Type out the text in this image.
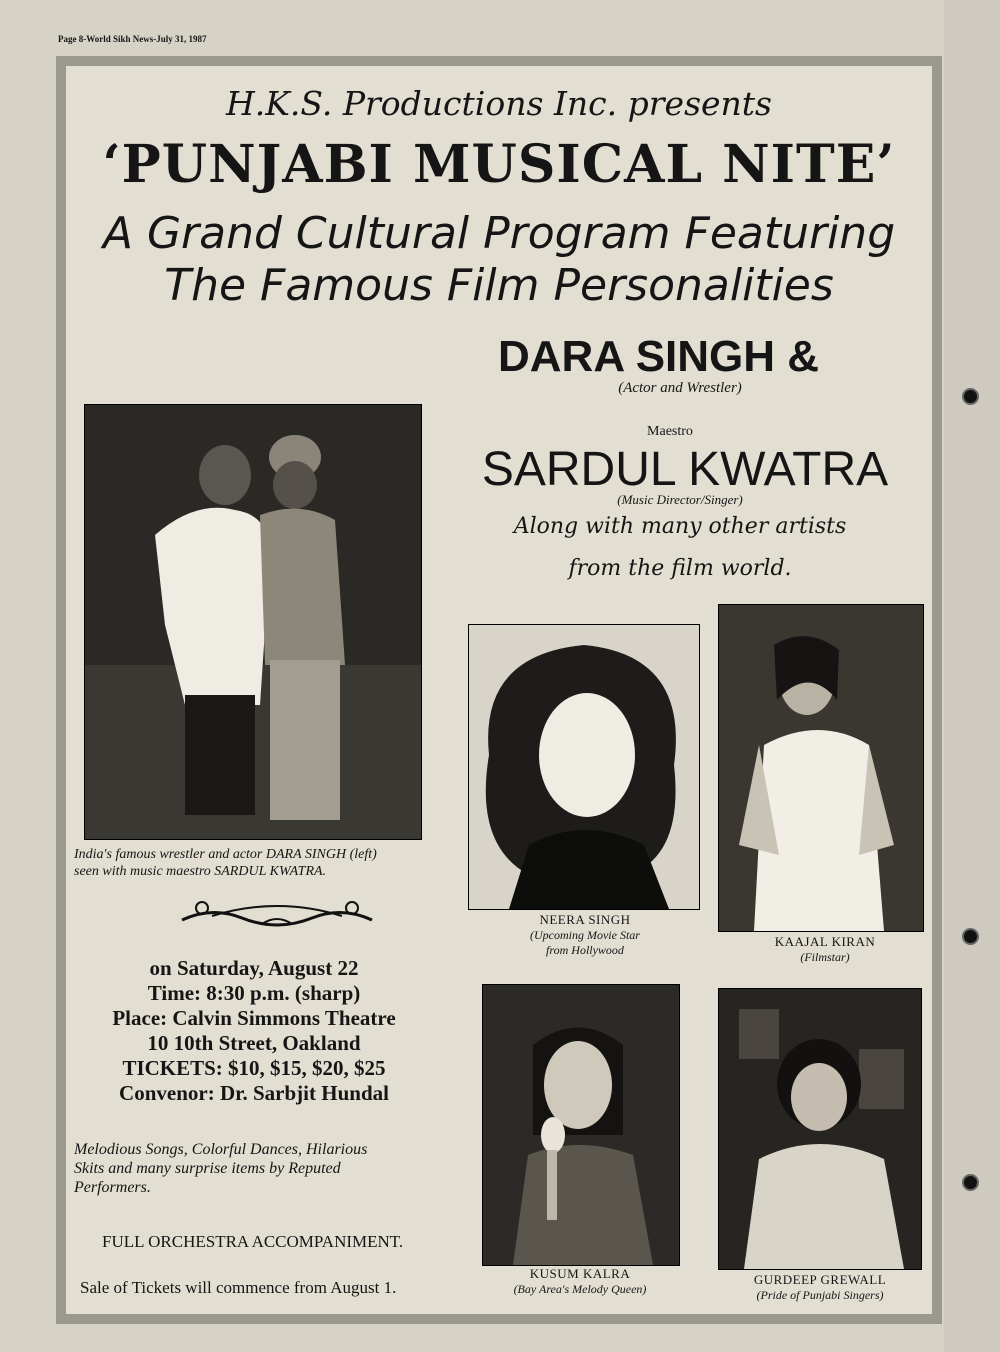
Page 8-World Sikh News-July 31, 1987
H.K.S. Productions Inc. presents
‘PUNJABI MUSICAL NITE’
A Grand Cultural Program Featuring
The Famous Film Personalities
DARA SINGH &
(Actor and Wrestler)
Maestro
SARDUL KWATRA
(Music Director/Singer)
Along with many other artists
from the film world.
India's famous wrestler and actor DARA SINGH (left)
seen with music maestro SARDUL KWATRA.
on Saturday, August 22
Time: 8:30 p.m. (sharp)
Place: Calvin Simmons Theatre
10 10th Street, Oakland
TICKETS: $10, $15, $20, $25
Convenor: Dr. Sarbjit Hundal
Melodious Songs, Colorful Dances, Hilarious
Skits and many surprise items by Reputed
Performers.
FULL ORCHESTRA ACCOMPANIMENT.
Sale of Tickets will commence from August 1.
NEERA SINGH
(Upcoming Movie Star
from Hollywood
KAAJAL KIRAN
(Filmstar)
KUSUM KALRA
(Bay Area's Melody Queen)
GURDEEP GREWALL
(Pride of Punjabi Singers)
